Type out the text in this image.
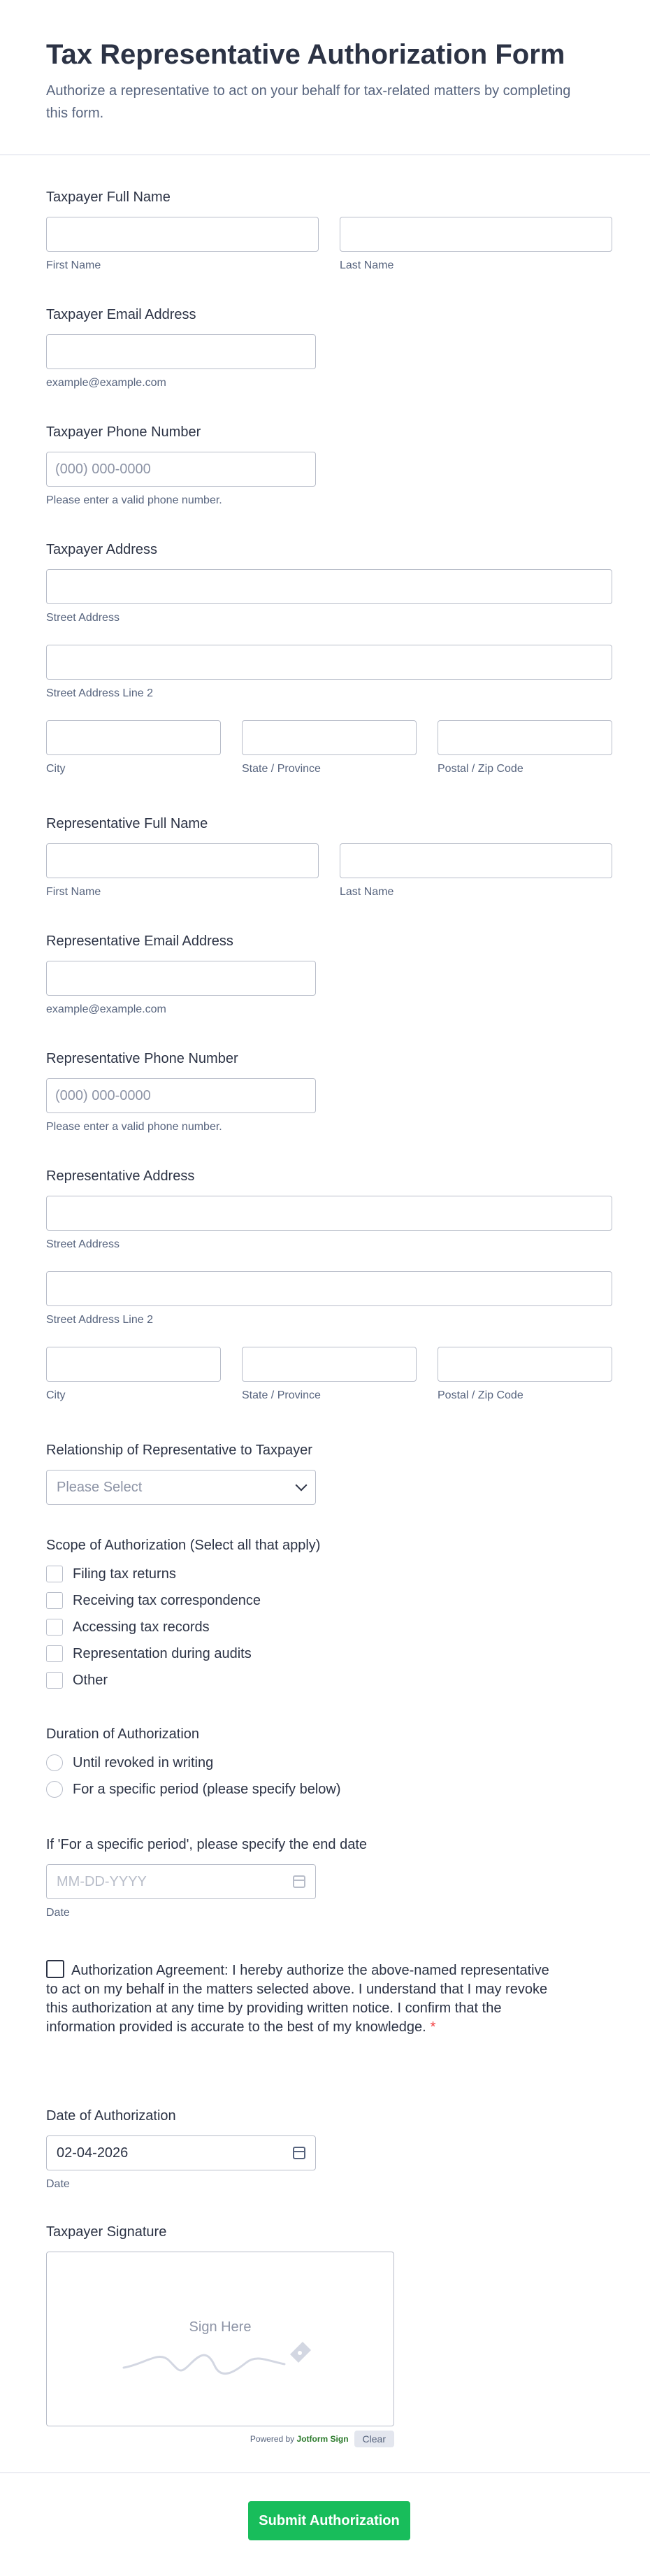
Tax Representative Authorization Form
Authorize a representative to act on your behalf for tax-related matters by completing this form.
Taxpayer Full Name
First Name	Last Name
Taxpayer Email Address
example@example.com
Taxpayer Phone Number
(000) 000-0000
Please enter a valid phone number.
Taxpayer Address
Street Address
Street Address Line 2
City	State / Province	Postal / Zip Code
Representative Full Name
First Name	Last Name
Representative Email Address
example@example.com
Representative Phone Number
(000) 000-0000
Please enter a valid phone number.
Representative Address
Street Address
Street Address Line 2
City	State / Province	Postal / Zip Code
Relationship of Representative to Taxpayer
Please Select
Scope of Authorization (Select all that apply)
Filing tax returns
Receiving tax correspondence
Accessing tax records
Representation during audits
Other
Duration of Authorization
Until revoked in writing
For a specific period (please specify below)
If 'For a specific period', please specify the end date
MM-DD-YYYY
Date
Authorization Agreement: I hereby authorize the above-named representative to act on my behalf in the matters selected above. I understand that I may revoke this authorization at any time by providing written notice. I confirm that the information provided is accurate to the best of my knowledge. *
Date of Authorization
02-04-2026
Date
Taxpayer Signature
Sign Here
Powered by Jotform Sign	Clear
Submit Authorization
